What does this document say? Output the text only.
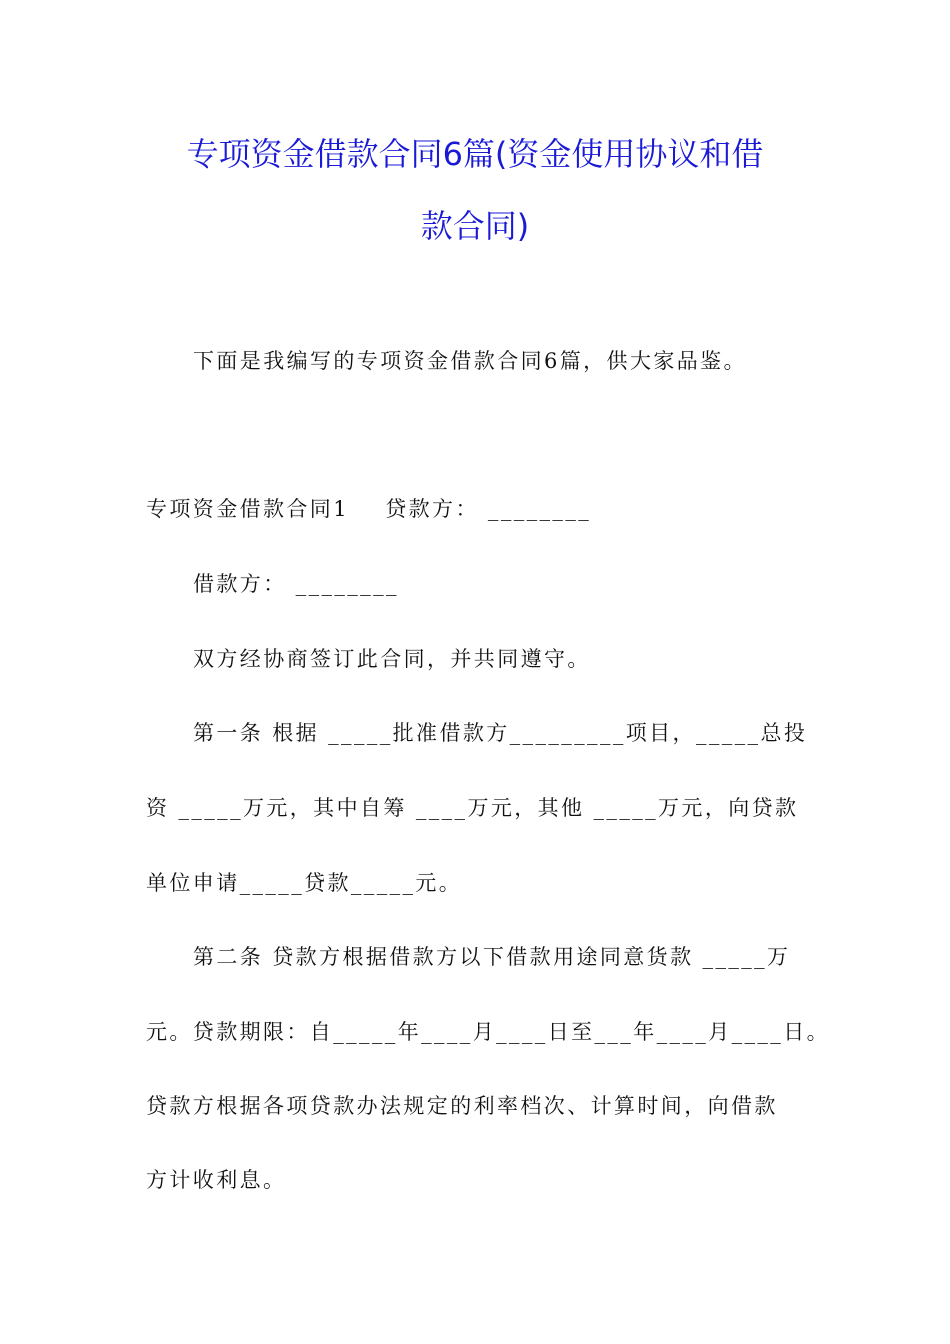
专项资金借款合同6篇(资金使用协议和借
款合同)
下面是我编写的专项资金借款合同6篇，供大家品鉴。
专项资金借款合同1    贷款方： ________
借款方： ________
双方经协商签订此合同，并共同遵守。
第一条 根据 _____批准借款方_________项目，_____总投
资 _____万元，其中自筹 ____万元，其他 _____万元，向贷款
单位申请_____贷款_____元。
第二条 贷款方根据借款方以下借款用途同意货款 _____万
元。贷款期限：自_____年____月____日至___年____月____日。
贷款方根据各项贷款办法规定的利率档次、计算时间，向借款
方计收利息。
